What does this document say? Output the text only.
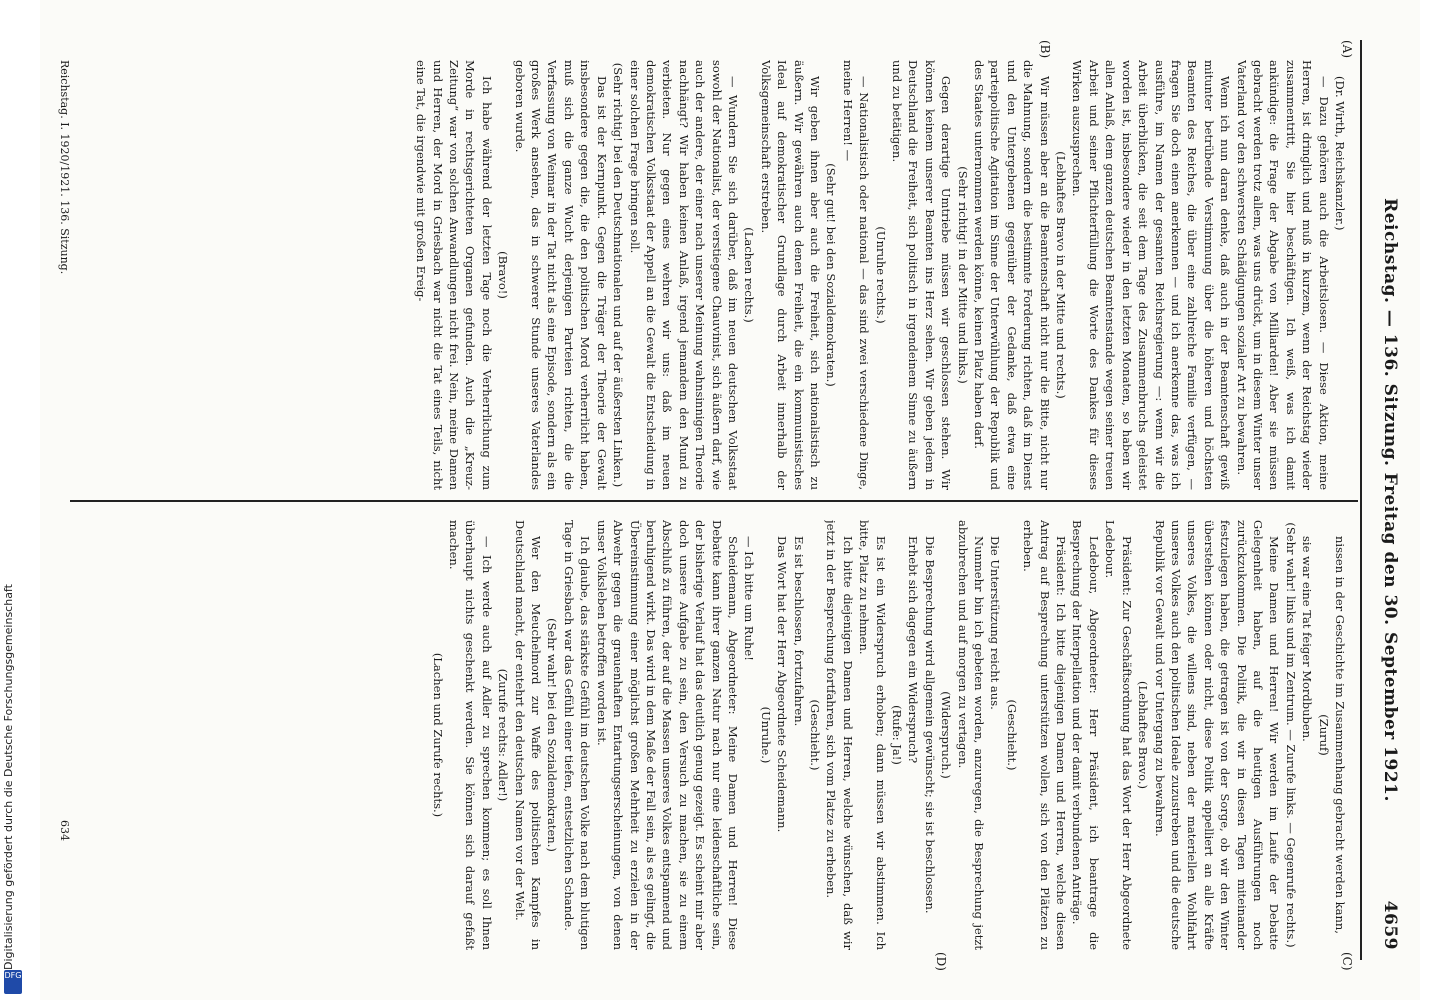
Digitalisierung gefördert durch die Deutsche Forschungsgemeinschaft
DFG
Reichstag. — 136. Sitzung. Freitag den 30. September 1921.
4659
(A)
(B)
(C)
(D)

(Dr. Wirth, Reichskanzler.)

— Dazu gehören auch die Arbeitslosen. — Diese Aktion, meine Herren, ist dringlich und muß in kurzem, wenn der Reichstag wieder zusammentritt, Sie hier beschäftigen. Ich weiß, was ich damit ankündige: die Frage der Abgabe von Milliarden! Aber sie müssen gebracht werden trotz allem, was uns drückt, um in diesem Winter unser Vaterland vor den schwersten Schädigungen sozialer Art zu bewahren.

Wenn ich nun daran denke, daß auch in der Beamtenschaft gewiß mitunter betrübende Verstimmung über die höheren und höchsten Beamten des Reiches, die über eine zahlreiche Familie verfügen, — fragen Sie doch einen anerkennen — und ich anerkenne das, was ich ausführe, im Namen der gesamten Reichsregierung —: wenn wir die Arbeit überblicken, die seit dem Tage des Zusammenbruchs geleistet worden ist, insbesondere wieder in den letzten Monaten, so haben wir allen Anlaß, dem ganzen deutschen Beamtenstande wegen seiner treuen Arbeit und seiner Pflichterfüllung die Worte des Dankes für dieses Wirken auszusprechen.

(Lebhaftes Bravo in der Mitte und rechts.)

Wir müssen aber an die Beamtenschaft nicht nur die Bitte, nicht nur die Mahnung, sondern die bestimmte Forderung richten, daß im Dienst und den Untergebenen gegenüber der Gedanke, daß etwa eine parteipolitische Agitation im Sinne der Unterwühlung der Republik und des Staates unternommen werden könne, keinen Platz haben darf.

(Sehr richtig! in der Mitte und links.)

Gegen derartige Umtriebe müssen wir geschlossen stehen. Wir können keinem unserer Beamten ins Herz sehen. Wir geben jedem in Deutschland die Freiheit, sich politisch in irgendeinem Sinne zu äußern und zu betätigen.

(Unruhe rechts.)

— Nationalistisch oder national — das sind zwei verschiedene Dinge, meine Herren! —

(Sehr gut! bei den Sozialdemokraten.)

Wir geben ihnen aber auch die Freiheit, sich nationalistisch zu äußern. Wir gewähren auch denen Freiheit, die ein kommunistisches Ideal auf demokratischer Grundlage durch Arbeit innerhalb der Volksgemeinschaft erstreben.

(Lachen rechts.)

— Wundern Sie sich darüber, daß im neuen deutschen Volksstaat sowohl der Nationalist, der verstiegene Chauvinist, sich äußern darf, wie auch der andere, der einer nach unserer Meinung wahnsinnigen Theorie nachhängt? Wir haben keinen Anlaß, irgend jemandem den Mund zu verbieten. Nur gegen eines wehren wir uns: daß im neuen demokratischen Volksstaat der Appell an die Gewalt die Entscheidung in einer solchen Frage bringen soll.

(Sehr richtig! bei den Deutschnationalen und auf der äußersten Linken.)

Das ist der Kernpunkt. Gegen die Träger der Theorie der Gewalt insbesondere gegen die, die den politischen Mord verherrlicht haben, muß sich die ganze Wucht derjenigen Parteien richten, die die Verfassung von Weimar in der Tat nicht als eine Episode, sondern als ein großes Werk ansehen, das in schwerer Stunde unseres Vaterlandes geboren wurde.

(Bravo!)

Ich habe während der letzten Tage noch die Verherrlichung zum Morde in rechtsgerichteten Organen gefunden. Auch die „Kreuz-Zeitung“ war von solchen Anwandlungen nicht frei. Nein, meine Damen und Herren, der Mord in Griesbach war nicht die Tat eines Teils, nicht eine Tat, die irgendwie mit großen Ereig-

nissen in der Geschichte im Zusammenhang gebracht werden kann,

(Zuruf)

sie war eine Tat feiger Mordbuben.

(Sehr wahr! links und im Zentrum. — Zurufe links. — Gegenrufe rechts.)

Meine Damen und Herren! Wir werden im Laufe der Debatte Gelegenheit haben, auf die heutigen Ausführungen noch zurückzukommen. Die Politik, die wir in diesen Tagen miteinander festzulegen haben, die getragen ist von der Sorge, ob wir den Winter überstehen können oder nicht, diese Politik appelliert an alle Kräfte unseres Volkes, die willens sind, neben der materiellen Wohlfahrt unseres Volkes auch den politischen Ideale zuzustreben und die deutsche Republik vor Gewalt und vor Untergang zu bewahren.

(Lebhaftes Bravo.)

Präsident: Zur Geschäftsordnung hat das Wort der Herr Abgeordnete Ledebour.

Ledebour, Abgeordneter: Herr Präsident, ich beantrage die Besprechung der Interpellation und der damit verbundenen Anträge.

Präsident: Ich bitte diejenigen Damen und Herren, welche diesen Antrag auf Besprechung unterstützen wollen, sich von den Plätzen zu erheben.

(Geschieht.)

Die Unterstützung reicht aus.

Nunmehr bin ich gebeten worden, anzuregen, die Besprechung jetzt abzubrechen und auf morgen zu vertagen.

(Widerspruch.)

Die Besprechung wird allgemein gewünscht; sie ist beschlossen.

Erhebt sich dagegen ein Widerspruch?

(Rufe: Ja!)

Es ist ein Widerspruch erhoben; dann müssen wir abstimmen. Ich bitte, Platz zu nehmen.

Ich bitte diejenigen Damen und Herren, welche wünschen, daß wir jetzt in der Besprechung fortfahren, sich vom Platze zu erheben.

(Geschieht.)

Es ist beschlossen, fortzufahren.

Das Wort hat der Herr Abgeordnete Scheidemann.

(Unruhe.)

— Ich bitte um Ruhe!

Scheidemann, Abgeordneter: Meine Damen und Herren! Diese Debatte kann ihrer ganzen Natur nach nur eine leidenschaftliche sein, der bisherige Verlauf hat das deutlich genug gezeigt. Es scheint mir aber doch unsere Aufgabe zu sein, den Versuch zu machen, sie zu einem Abschluß zu führen, der auf die Massen unseres Volkes entspannend und beruhigend wirkt. Das wird in dem Maße der Fall sein, als es gelingt, die Übereinstimmung einer möglichst großen Mehrheit zu erzielen in der Abwehr gegen die grauenhaften Entartungserscheinungen, von denen unser Volksleben betroffen worden ist.

Ich glaube, das stärkste Gefühl im deutschen Volke nach dem blutigen Tage in Griesbach war das Gefühl einer tiefen, entsetzlichen Schande.

(Sehr wahr! bei den Sozialdemokraten.)

Wer den Meuchelmord zur Waffe des politischen Kampfes in Deutschland macht, der entehrt den deutschen Namen vor der Welt.

(Zurufe rechts: Adler!)

— Ich werde auch auf Adler zu sprechen kommen; es soll Ihnen überhaupt nichts geschenkt werden. Sie können sich darauf gefaßt machen.

(Lachen und Zurufe rechts.)

Reichstag. I. 1920/1921. 136. Sitzung.
634
